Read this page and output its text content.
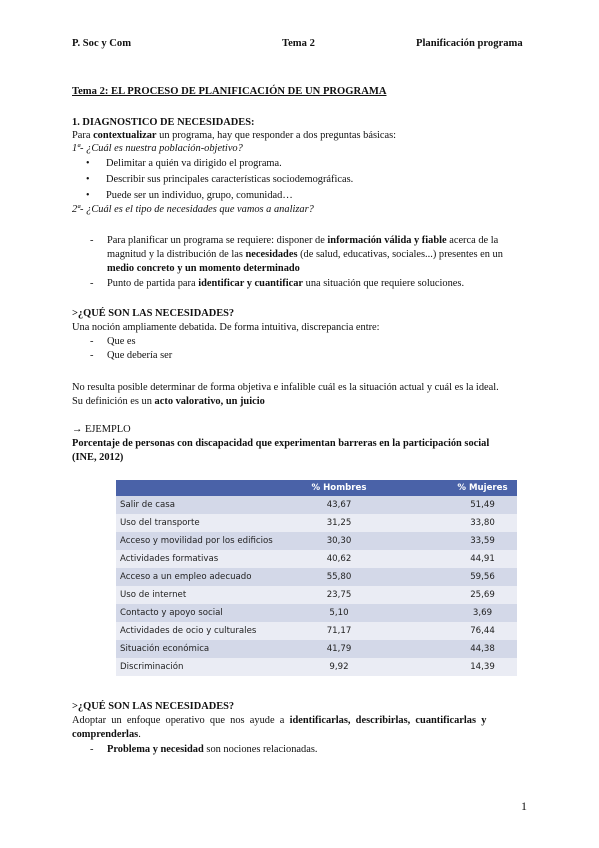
P. Soc y Com	Tema 2	Planificación programa
Tema 2: EL PROCESO DE PLANIFICACIÓN DE UN PROGRAMA
1. DIAGNOSTICO DE NECESIDADES:
Para contextualizar un programa, hay que responder a dos preguntas básicas:
1ª- ¿Cuál es nuestra población-objetivo?
• Delimitar a quién va dirigido el programa.
• Describir sus principales características sociodemográficas.
• Puede ser un individuo, grupo, comunidad…
2ª- ¿Cuál es el tipo de necesidades que vamos a analizar?
- Para planificar un programa se requiere: disponer de información válida y fiable acerca de la
magnitud y la distribución de las necesidades (de salud, educativas, sociales...) presentes en un
medio concreto y un momento determinado
- Punto de partida para identificar y cuantificar una situación que requiere soluciones.
>¿QUÉ SON LAS NECESIDADES?
Una noción ampliamente debatida. De forma intuitiva, discrepancia entre:
- Que es
- Que debería ser
No resulta posible determinar de forma objetiva e infalible cuál es la situación actual y cuál es la ideal.
Su definición es un acto valorativo, un juicio
→ EJEMPLO
Porcentaje de personas con discapacidad que experimentan barreras en la participación social
(INE, 2012)
	% Hombres		% Mujeres
Salir de casa	43,67		51,49
Uso del transporte	31,25		33,80
Acceso y movilidad por los edificios	30,30		33,59
Actividades formativas	40,62		44,91
Acceso a un empleo adecuado	55,80		59,56
Uso de internet	23,75		25,69
Contacto y apoyo social	5,10		3,69
Actividades de ocio y culturales	71,17		76,44
Situación económica	41,79		44,38
Discriminación	9,92		14,39
>¿QUÉ SON LAS NECESIDADES?
Adoptar un enfoque operativo que nos ayude a identificarlas, describirlas, cuantificarlas y
comprenderlas.
- Problema y necesidad son nociones relacionadas.
1
